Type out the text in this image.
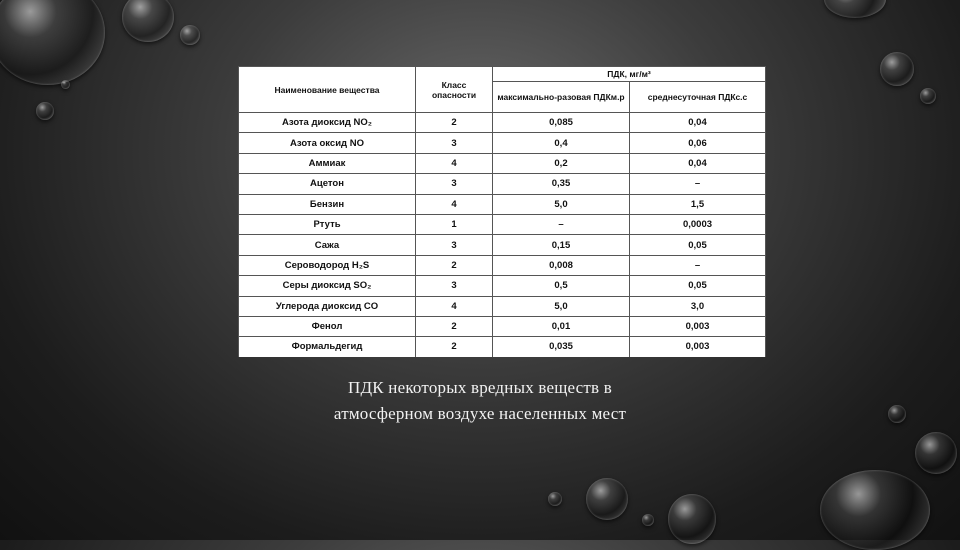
Наименование вещества	Класс опасности	ПДК, мг/м³	
		максимально-разовая ПДКм.р	среднесуточная ПДКс.с
Азота диоксид NO₂	2	0,085	0,04
Азота оксид NO	3	0,4	0,06
Аммиак	4	0,2	0,04
Ацетон	3	0,35	–
Бензин	4	5,0	1,5
Ртуть	1	–	0,0003
Сажа	3	0,15	0,05
Сероводород H₂S	2	0,008	–
Серы диоксид SO₂	3	0,5	0,05
Углерода диоксид CO	4	5,0	3,0
Фенол	2	0,01	0,003
Формальдегид	2	0,035	0,003
ПДК некоторых вредных веществ в
атмосферном воздухе населенных мест
